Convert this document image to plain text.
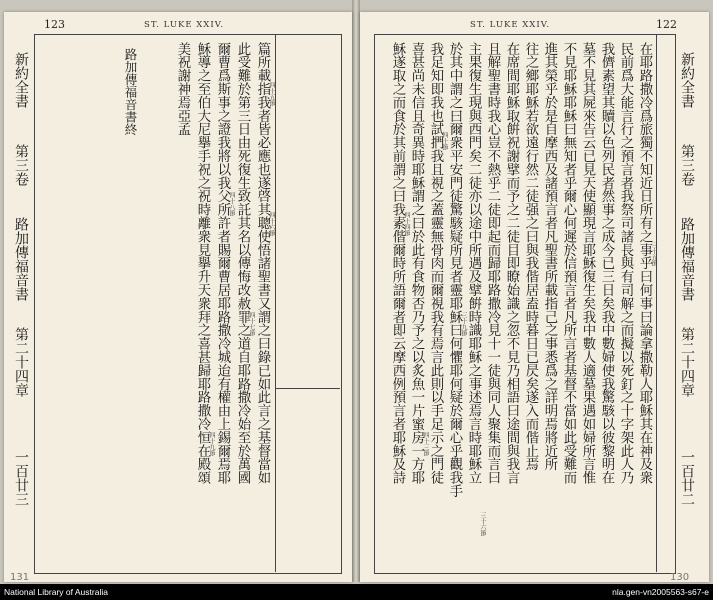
123	ST. LUKE XXIV.
篇所載指我者皆必應也遂啓其聰使悟諸聖書又謂之曰錄已如此言之基督當如
此受難於第三日由死復生致託其名以傳悔改赦罪之道自耶路撒冷始至於萬國
爾曹爲斯事之證我將以我父所許者賜爾曹居耶路撒冷城迨有權由上錫爾焉耶
穌導之至伯大尼擧手祝之祝時離衆見擧升天衆拜之喜甚歸耶路撒冷恒在殿頌
美祝謝神焉亞孟
路加傳福音書終	四十五節
四十六節
四十七節
四十八節
四十九節
新約全書
第三卷
路加傳福音書
第二十四章
一百廿三
131
ST. LUKE XXIV.	122
在耶路撒冷爲旅獨不知近日所有之事乎曰何事曰論拿撒勒人耶穌其在神及衆
民前爲大能言行之預言者我祭司諸長與有司解之而擬以死釘之十字架此人乃
我儕素望其贖以色列民者然事之成今已三日矣我中數婦使我驚駭以彼黎明在
墓不見其屍來告云已見天使顯現言耶穌復生矣我中數人適墓果遇如婦所言惟
不見耶穌耶穌曰無知者乎爾心何遲於信預言者凡所言者基督不當如此受難而
進其榮乎於是自摩西及諸預言者凡聖書所載指己之事悉爲之詳明焉將近所
往之鄉耶穌若欲遠行然二徒强之曰與我偕居盍時暮日已昃矣遂入而偕止焉
在席間耶穌取餠祝謝擘而予之二徒目即瞭始識之忽不見乃相語曰途間與我言
且解聖書時我心豈不熱乎二徒即起而歸耶路撒冷見十一徒與同人聚集而言曰
主果復生現與西門矣二徒亦以途中所遇及擘餠時識耶穌之事述焉言時耶穌立
於其中謂之曰爾衆平安門徒驚駭疑所見者靈耶穌曰何懼耶何疑於爾心乎觀我手
我足知即我也試捫我且視之蓋靈無骨肉而爾視我有焉言此則以手足示之門徒
喜甚尚未信且奇異時耶穌謂之曰於此有食物否乃予之以炙魚一片蜜房一方耶
穌遂取之而食於其前謂之曰我素偕爾時所語爾者即云摩西例預言者耶穌及詩	三十五節
三十六節
三十九節
四十節
四十三節
四十四節
新約全書
第三卷
路加傳福音書
第二十四章
一百廿二
130
National Library of Australia	nla.gen-vn2005563-s67-e
